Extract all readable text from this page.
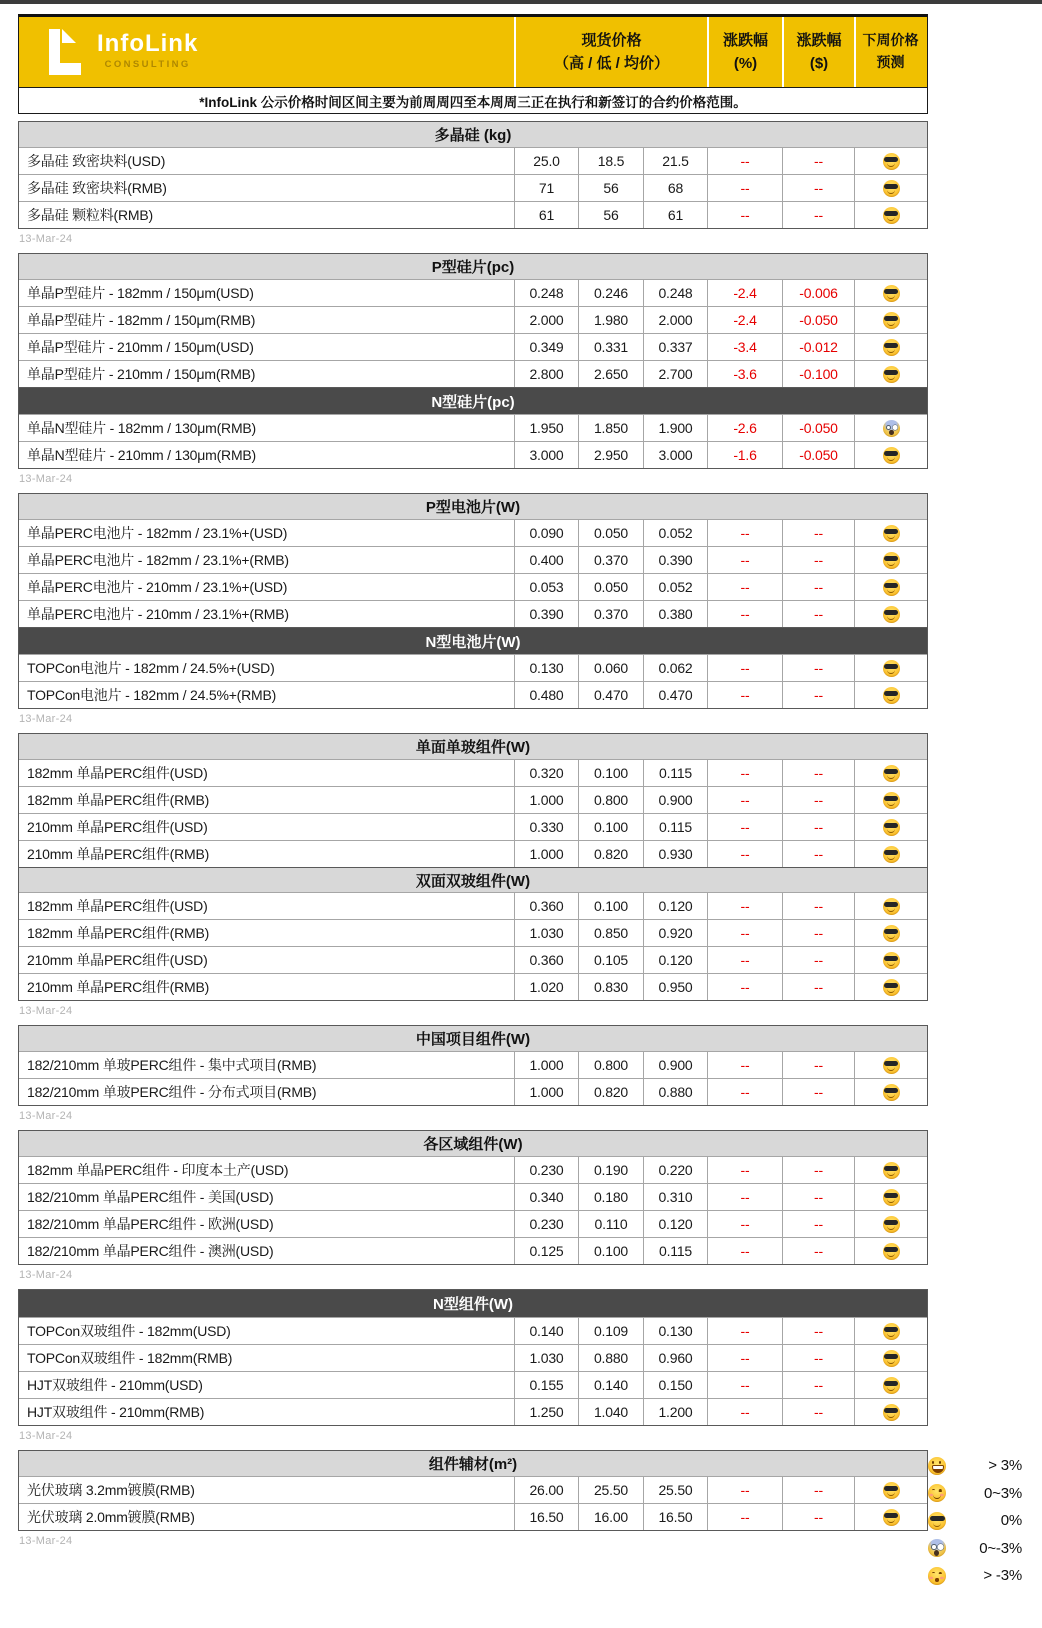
InfoLink
CONSULTING
现货价格
（高 / 低 / 均价）
涨跌幅
(%)
涨跌幅
($)
下周价格
预测
*InfoLink 公示价格时间区间主要为前周周四至本周周三正在执行和新签订的合约价格范围。
多晶硅 (kg)
多晶硅 致密块料(USD)	25.0	18.5	21.5	--	--
多晶硅 致密块料(RMB)	71	56	68	--	--
多晶硅 颗粒料(RMB)	61	56	61	--	--
13-Mar-24
P型硅片(pc)
单晶P型硅片 - 182mm / 150μm(USD)	0.248	0.246	0.248	-2.4	-0.006
单晶P型硅片 - 182mm / 150μm(RMB)	2.000	1.980	2.000	-2.4	-0.050
单晶P型硅片 - 210mm / 150μm(USD)	0.349	0.331	0.337	-3.4	-0.012
单晶P型硅片 - 210mm / 150μm(RMB)	2.800	2.650	2.700	-3.6	-0.100
N型硅片(pc)
单晶N型硅片 - 182mm / 130μm(RMB)	1.950	1.850	1.900	-2.6	-0.050
单晶N型硅片 - 210mm / 130μm(RMB)	3.000	2.950	3.000	-1.6	-0.050
13-Mar-24
P型电池片(W)
单晶PERC电池片 - 182mm / 23.1%+(USD)	0.090	0.050	0.052	--	--
单晶PERC电池片 - 182mm / 23.1%+(RMB)	0.400	0.370	0.390	--	--
单晶PERC电池片 - 210mm / 23.1%+(USD)	0.053	0.050	0.052	--	--
单晶PERC电池片 - 210mm / 23.1%+(RMB)	0.390	0.370	0.380	--	--
N型电池片(W)
TOPCon电池片 - 182mm / 24.5%+(USD)	0.130	0.060	0.062	--	--
TOPCon电池片 - 182mm / 24.5%+(RMB)	0.480	0.470	0.470	--	--
13-Mar-24
单面单玻组件(W)
182mm 单晶PERC组件(USD)	0.320	0.100	0.115	--	--
182mm 单晶PERC组件(RMB)	1.000	0.800	0.900	--	--
210mm 单晶PERC组件(USD)	0.330	0.100	0.115	--	--
210mm 单晶PERC组件(RMB)	1.000	0.820	0.930	--	--
双面双玻组件(W)
182mm 单晶PERC组件(USD)	0.360	0.100	0.120	--	--
182mm 单晶PERC组件(RMB)	1.030	0.850	0.920	--	--
210mm 单晶PERC组件(USD)	0.360	0.105	0.120	--	--
210mm 单晶PERC组件(RMB)	1.020	0.830	0.950	--	--
13-Mar-24
中国项目组件(W)
182/210mm 单玻PERC组件 - 集中式项目(RMB)	1.000	0.800	0.900	--	--
182/210mm 单玻PERC组件 - 分布式项目(RMB)	1.000	0.820	0.880	--	--
13-Mar-24
各区域组件(W)
182mm 单晶PERC组件 - 印度本土产(USD)	0.230	0.190	0.220	--	--
182/210mm 单晶PERC组件 - 美国(USD)	0.340	0.180	0.310	--	--
182/210mm 单晶PERC组件 - 欧洲(USD)	0.230	0.110	0.120	--	--
182/210mm 单晶PERC组件 - 澳洲(USD)	0.125	0.100	0.115	--	--
13-Mar-24
N型组件(W)
TOPCon双玻组件 - 182mm(USD)	0.140	0.109	0.130	--	--
TOPCon双玻组件 - 182mm(RMB)	1.030	0.880	0.960	--	--
HJT双玻组件 - 210mm(USD)	0.155	0.140	0.150	--	--
HJT双玻组件 - 210mm(RMB)	1.250	1.040	1.200	--	--
13-Mar-24
组件辅材(m²)
光伏玻璃 3.2mm镀膜(RMB)	26.00	25.50	25.50	--	--
光伏玻璃 2.0mm镀膜(RMB)	16.50	16.00	16.50	--	--
13-Mar-24
> 3%
0~3%
0%
0~-3%
> -3%
